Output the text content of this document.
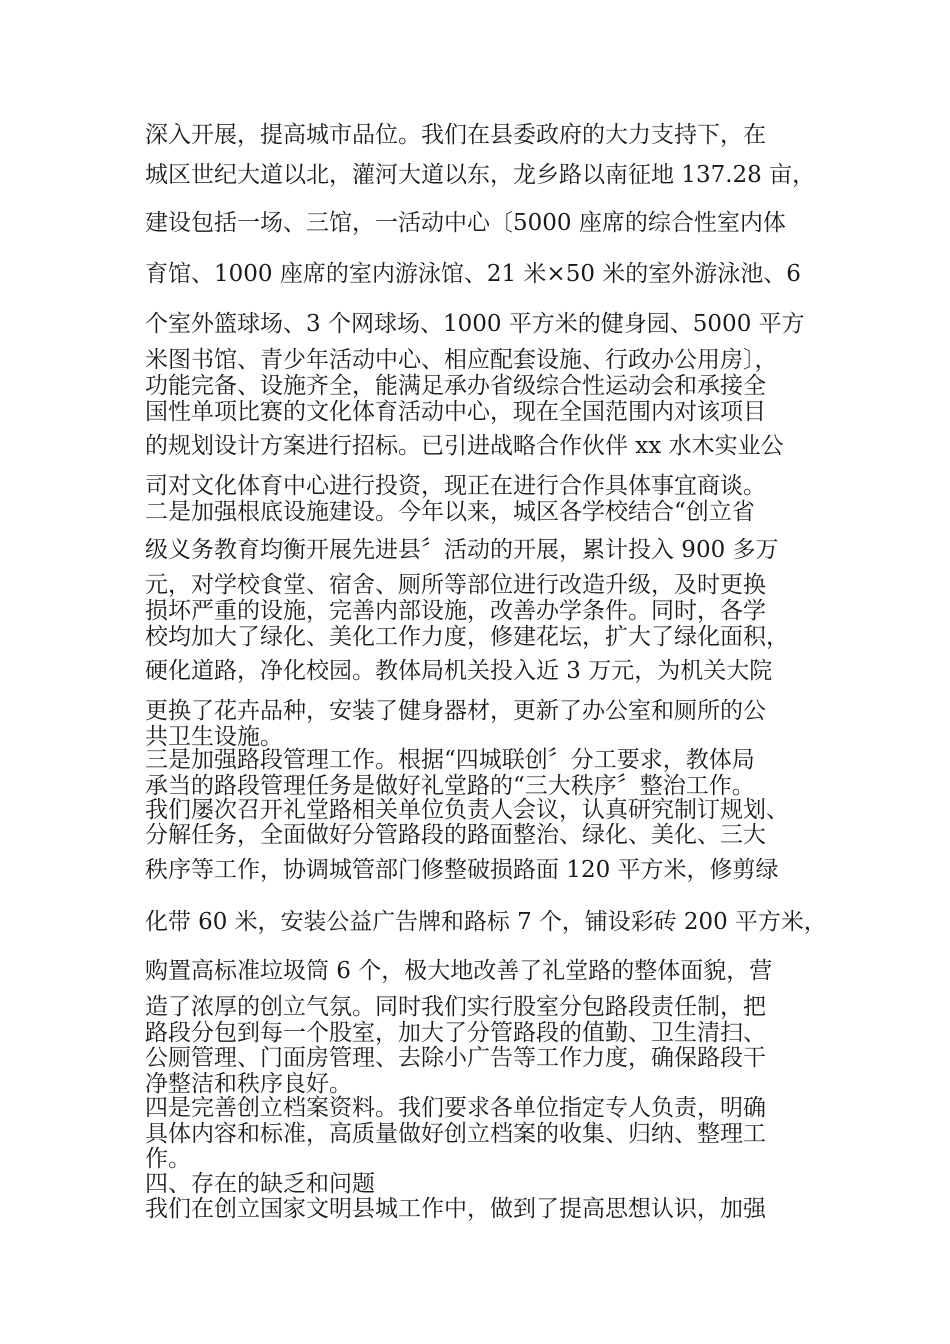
深入开展，提高城市品位。我们在县委政府的大力支持下，在

城区世纪大道以北，灌河大道以东，龙乡路以南征地 137.28 亩，

建设包括一场、三馆，一活动中心〔5000 座席的综合性室内体

育馆、1000 座席的室内游泳馆、21 米×50 米的室外游泳池、6

个室外篮球场、3 个网球场、1000 平方米的健身园、5000 平方

米图书馆、青少年活动中心、相应配套设施、行政办公用房〕，

功能完备、设施齐全，能满足承办省级综合性运动会和承接全

国性单项比赛的文化体育活动中心，现在全国范围内对该项目

的规划设计方案进行招标。已引进战略合作伙伴 xx 水木实业公

司对文化体育中心进行投资，现正在进行合作具体事宜商谈。

二是加强根底设施建设。今年以来，城区各学校结合“创立省

级义务教育均衡开展先进县〞活动的开展，累计投入 900 多万

元，对学校食堂、宿舍、厕所等部位进行改造升级，及时更换

损坏严重的设施，完善内部设施，改善办学条件。同时，各学

校均加大了绿化、美化工作力度，修建花坛，扩大了绿化面积，

硬化道路，净化校园。教体局机关投入近 3 万元，为机关大院

更换了花卉品种，安装了健身器材，更新了办公室和厕所的公

共卫生设施。

三是加强路段管理工作。根据“四城联创〞分工要求，教体局

承当的路段管理任务是做好礼堂路的“三大秩序〞整治工作。

我们屡次召开礼堂路相关单位负责人会议，认真研究制订规划、

分解任务，全面做好分管路段的路面整治、绿化、美化、三大

秩序等工作，协调城管部门修整破损路面 120 平方米，修剪绿

化带 60 米，安装公益广告牌和路标 7 个，铺设彩砖 200 平方米，

购置高标准垃圾筒 6 个，极大地改善了礼堂路的整体面貌，营

造了浓厚的创立气氛。同时我们实行股室分包路段责任制，把

路段分包到每一个股室，加大了分管路段的值勤、卫生清扫、

公厕管理、门面房管理、去除小广告等工作力度，确保路段干

净整洁和秩序良好。

四是完善创立档案资料。我们要求各单位指定专人负责，明确

具体内容和标准，高质量做好创立档案的收集、归纳、整理工

作。

四、存在的缺乏和问题

我们在创立国家文明县城工作中，做到了提高思想认识，加强
